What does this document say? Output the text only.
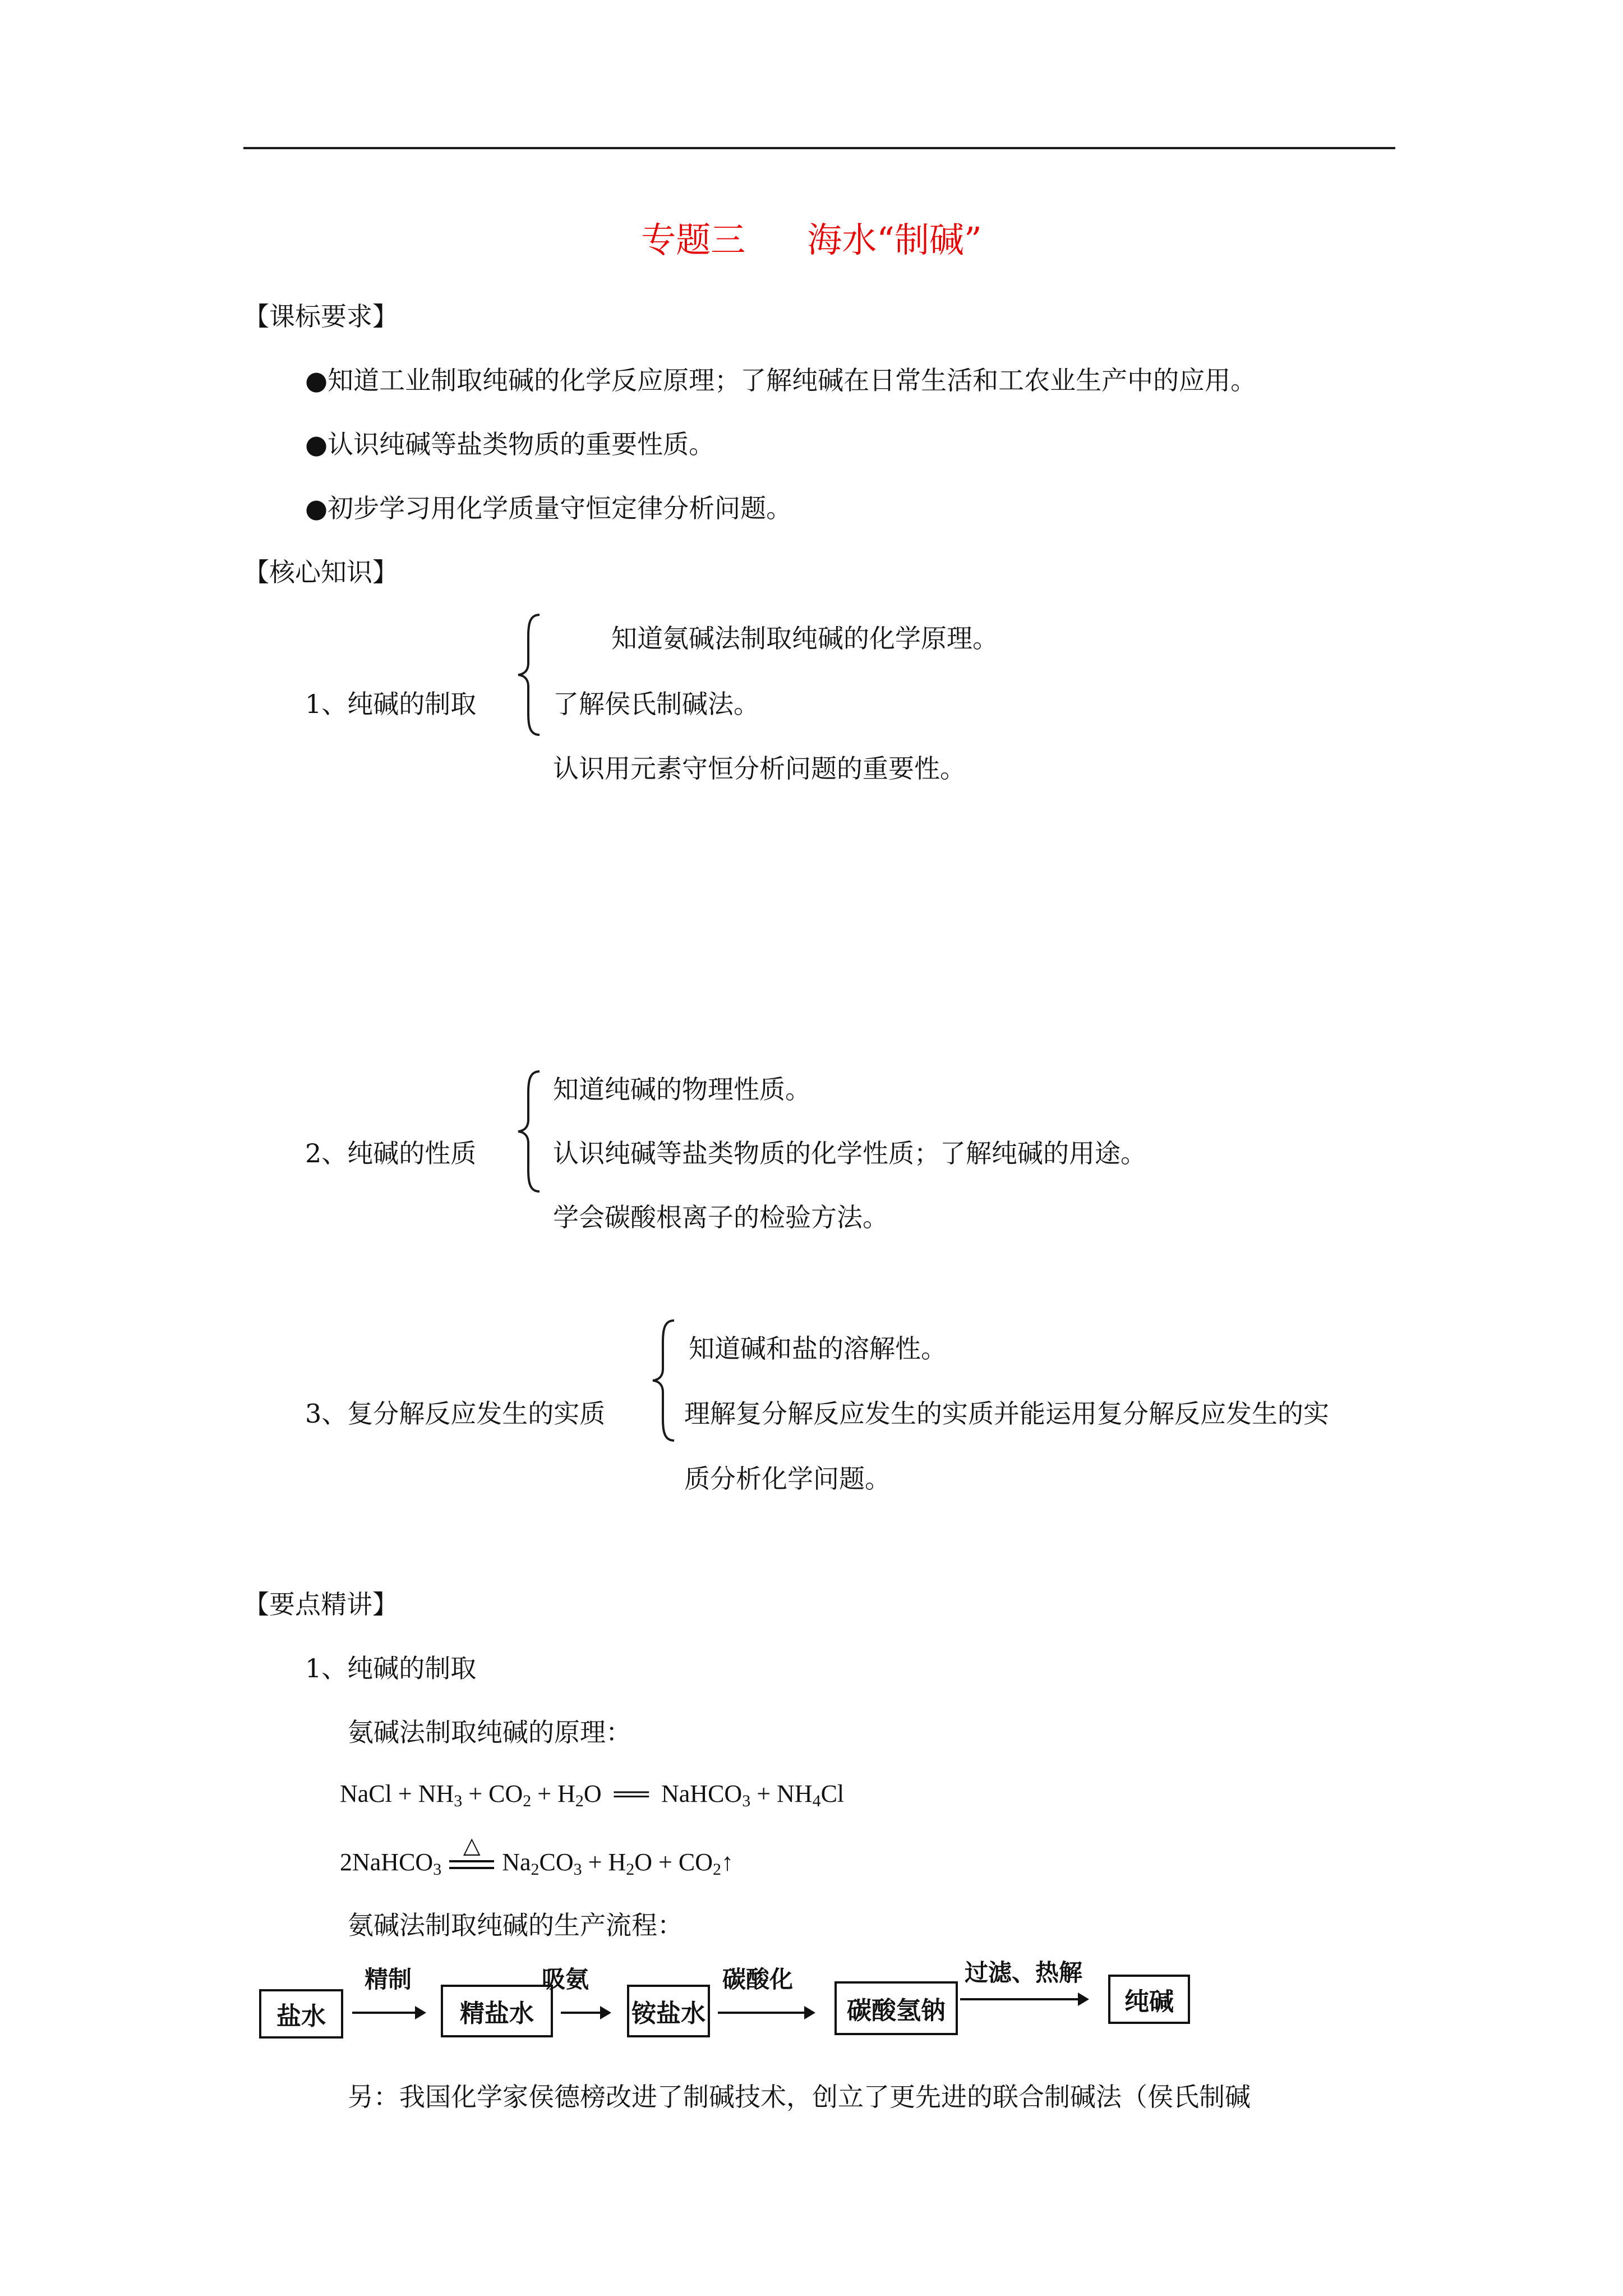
专题三 海水“制碱”
【课标要求】
●知道工业制取纯碱的化学反应原理；了解纯碱在日常生活和工农业生产中的应用。
●认识纯碱等盐类物质的重要性质。
●初步学习用化学质量守恒定律分析问题。
【核心知识】
1、纯碱的制取
知道氨碱法制取纯碱的化学原理。
了解侯氏制碱法。
认识用元素守恒分析问题的重要性。
2、纯碱的性质
知道纯碱的物理性质。
认识纯碱等盐类物质的化学性质；了解纯碱的用途。
学会碳酸根离子的检验方法。
3、复分解反应发生的实质
知道碱和盐的溶解性。
理解复分解反应发生的实质并能运用复分解反应发生的实
质分析化学问题。
【要点精讲】
1、纯碱的制取
氨碱法制取纯碱的原理：
NaCl + $NH_3 + CO_2 + H_2O$ ══ NaHCO$_3$ + $NH_4Cl$
2NaHCO$_3$
△
$Na_2CO_3 + H_2O$ + $CO_2↑$
氨碱法制取纯碱的生产流程：
盐水
精制
精盐水
吸氨
铵盐水
碳酸化
碳酸氢钠
过滤、热解
纯碱
另：我国化学家侯德榜改进了制碱技术，创立了更先进的联合制碱法（侯氏制碱
